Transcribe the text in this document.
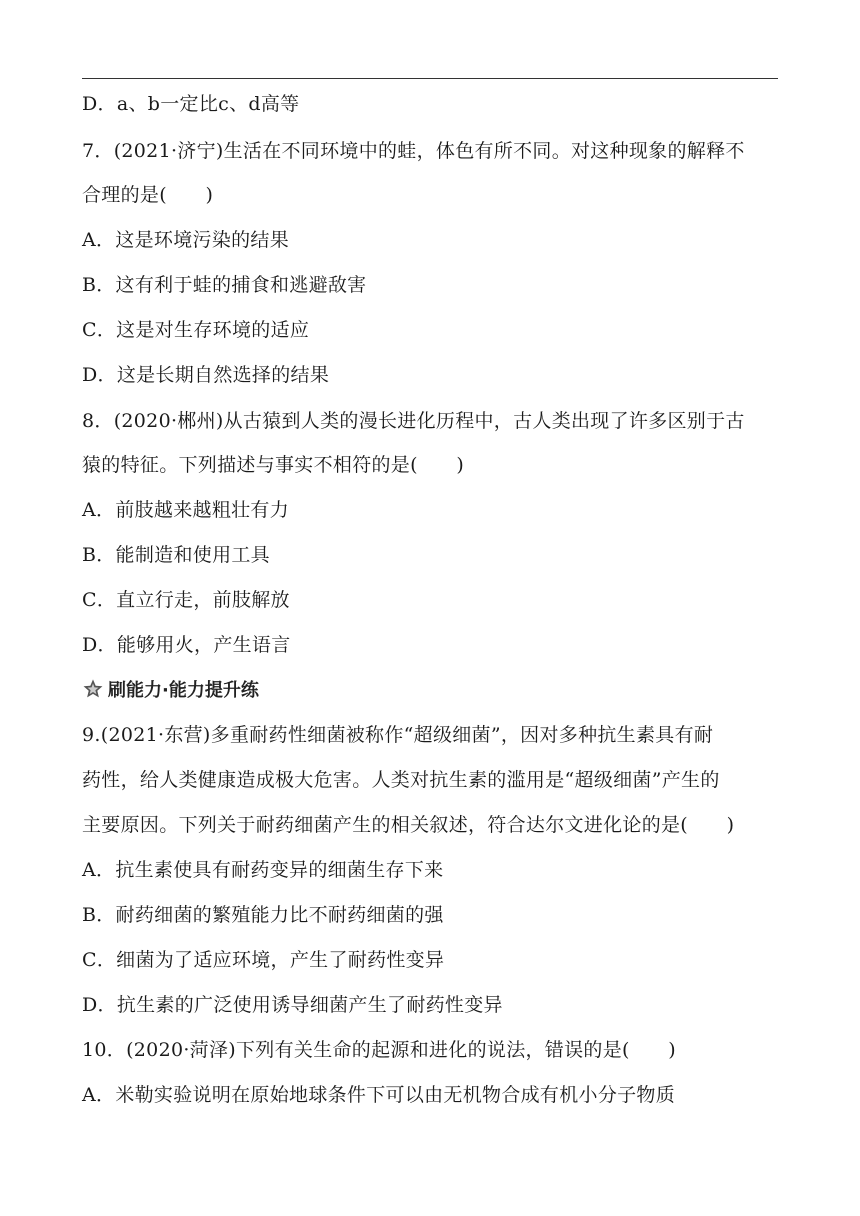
D．a、b一定比c、d高等
7．(2021·济宁)生活在不同环境中的蛙，体色有所不同。对这种现象的解释不
合理的是(　　)
A．这是环境污染的结果
B．这有利于蛙的捕食和逃避敌害
C．这是对生存环境的适应
D．这是长期自然选择的结果
8．(2020·郴州)从古猿到人类的漫长进化历程中，古人类出现了许多区别于古
猿的特征。下列描述与事实不相符的是(　　)
A．前肢越来越粗壮有力
B．能制造和使用工具
C．直立行走，前肢解放
D．能够用火，产生语言
刷能力·能力提升练
9.(2021·东营)多重耐药性细菌被称作“超级细菌”，因对多种抗生素具有耐
药性，给人类健康造成极大危害。人类对抗生素的滥用是“超级细菌”产生的
主要原因。下列关于耐药细菌产生的相关叙述，符合达尔文进化论的是(　　)
A．抗生素使具有耐药变异的细菌生存下来
B．耐药细菌的繁殖能力比不耐药细菌的强
C．细菌为了适应环境，产生了耐药性变异
D．抗生素的广泛使用诱导细菌产生了耐药性变异
10．(2020·菏泽)下列有关生命的起源和进化的说法，错误的是(　　)
A．米勒实验说明在原始地球条件下可以由无机物合成有机小分子物质
